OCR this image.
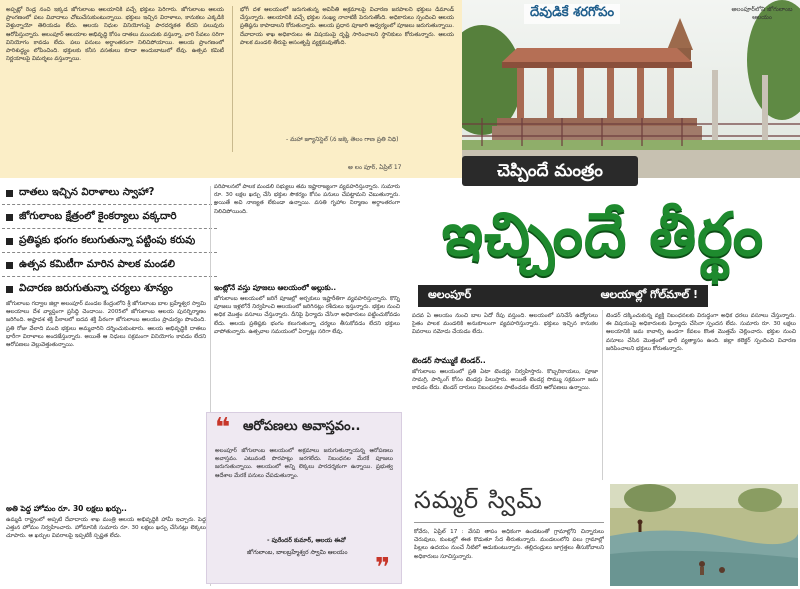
అప్పట్లో రెండ్ర నంచి ఇక్కడ జోగులాంబ ఆలయానికి వచ్చే భక్తులు పెరిగారు. జోగులాంబ ఆలయ ప్రాంగణంలో పలు వివాదాలు చోటుచేసుకుంటున్నాయి. భక్తులు ఇచ్చిన విరాళాలు, కానుకలు ఎక్కడికి వెళ్తున్నాయో తెలియడం లేదు. ఆలయ నిధుల వినియోగంపై పారదర్శకత లేదని పలువురు ఆరోపిస్తున్నారు. అలంపూర్ ఆలయాల అభివృద్ధి కోసం దాతలు ముందుకు వస్తున్నా, వారి సేవలు సరిగా వినియోగం కావడం లేదు. పలు పనులు అర్ధాంతరంగా నిలిచిపోయాయి. ఆలయ ప్రాంగణంలో పారిశుద్ధ్యం లోపించింది. భక్తులకు కనీస వసతులు కూడా అందుబాటులో లేవు. ఉత్సవ కమిటీ నిర్ణయాలపై విమర్శలు వస్తున్నాయి.
భోగీ దళ ఆలయంలో జరుగుతున్న అవినీతి అక్రమాలపై విచారణ జరపాలని భక్తులు డిమాండ్ చేస్తున్నారు. ఆలయానికి వచ్చే భక్తుల సంఖ్య నానాటికీ పెరుగుతోంది. అధికారులు స్పందించి ఆలయ ప్రతిష్ఠను కాపాడాలని కోరుతున్నారు. ఆలయ ప్రధాన పూజారి ఆధ్వర్యంలో పూజలు జరుగుతున్నాయి. దేవాదాయ శాఖ అధికారులు ఈ విషయంపై దృష్టి సారించాలని స్థానికులు కోరుతున్నారు. ఆలయ పాలక మండలి తీరుపై అసంతృప్తి వ్యక్తమవుతోంది.
- మహా జ్యూనిస్టెల్ (న జక్కె తెలం గాణ ప్రతి నిధి)
అ లం పూర్, ఏప్రిల్ 17
దేవుడికే శరగోపం	అలంపూర్‌లోని జోగులాంబ ఆలయం
చెప్పిందే మంత్రం
ఇచ్చిందే తీర్థం
అలంపూర్	ఆలయాల్లో గోల్‌మాల్ !
దాతలు ఇచ్చిన విరాళాలు స్వాహా?
జోగులాంబ క్షేత్రంలో కైంకర్యాలు వక్కదారి
ప్రతిష్ఠకు భంగం కలుగుతున్నా పట్టింపు కరువు
ఉత్సవ కమిటీగా మారిన పాలక మండలి
విచారణ జరుగుతున్నా చర్యలు శూన్యం
జోగులాంబ గద్వాల జిల్లా అలంపూర్ మండల కేంద్రంలోని శ్రీ జోగులాంబ బాల బ్రహ్మేశ్వర స్వామి ఆలయాలు దేశ వ్యాప్తంగా ప్రసిద్ధి చెందాయి. 2005లో జోగులాంబ ఆలయ పునర్నిర్మాణం జరిగింది. అష్టాదశ శక్తి పీఠాలలో ఐదవ శక్తి పీఠంగా జోగులాంబ ఆలయం ప్రాచుర్యం పొందింది. ప్రతి రోజు వేలాది మంది భక్తులు అమ్మవారిని దర్శించుకుంటారు. ఆలయ అభివృద్ధికి దాతలు భారీగా విరాళాలు అందజేస్తున్నారు. అయితే ఆ నిధులు సక్రమంగా వినియోగం కావడం లేదని ఆరోపణలు వెల్లువెత్తుతున్నాయి.
అతి పెద్ద హోమం రూ. 30 లక్షలు ఖర్చు..
ఉమ్మడి రాష్ట్రంలో అప్పటి దేవాదాయ శాఖ మంత్రి ఆలయ అభివృద్ధికి హామీ ఇచ్చారు. పెద్ద ఎత్తున హోమం నిర్వహించారు. హోమానికి సుమారు రూ. 30 లక్షలు ఖర్చు చేసినట్లు లెక్కలు చూపారు. ఆ ఖర్చుల వివరాలపై ఇప్పటికీ స్పష్టత లేదు.
పరిపాలనలో పాలక మండలి సభ్యులు తమ ఇష్టారాజ్యంగా వ్యవహరిస్తున్నారు. సుమారు రూ. 30 లక్షల ఖర్చు చేసి భక్తుల సౌకర్యం కోసం పనులు చేపట్టామని చెబుతున్నారు. అయితే అవి నాణ్యత లేకుండా ఉన్నాయి. వసతి గృహాల నిర్మాణం అర్ధాంతరంగా నిలిచిపోయింది.
ఇంట్లోనే వస్తు పూజలు ఆలయంలో అల్లుకు..
జోగులాంబ ఆలయంలో జరిగే పూజల్లో అర్చకులు ఇష్టారీతిగా వ్యవహరిస్తున్నారు. కొన్ని పూజలు ఇళ్లలోనే నిర్వహించి ఆలయంలో జరిగినట్లు రశీదులు ఇస్తున్నారు. భక్తుల నుంచి అధిక మొత్తం వసూలు చేస్తున్నారు. దీనిపై ఫిర్యాదు చేసినా అధికారులు పట్టించుకోవడం లేదు. ఆలయ ప్రతిష్ఠకు భంగం కలుగుతున్నా చర్యలు తీసుకోవడం లేదని భక్తులు వాపోతున్నారు. ఉత్సవాల సమయంలో ఏర్పాట్లు సరిగా లేవు.
❝ ఆరోపణలు అవాస్తవం..
అలంపూర్ జోగులాంబ ఆలయంలో అక్రమాలు జరుగుతున్నాయన్న ఆరోపణలు అవాస్తవం. ఎటువంటి పొరపాట్లు జరగలేదు. నిబంధనల మేరకే పూజలు జరుగుతున్నాయి. ఆలయంలో అన్ని లెక్కలు పారదర్శకంగా ఉన్నాయి. ప్రభుత్వ ఆదేశాల మేరకే పనులు చేపడుతున్నాం.
- పురేందర్ కుమార్, ఆలయ ఈవో
జోగులాంబ, బాలబ్రహ్మేశ్వర స్వామి ఆలయం
❞
పదవ ఏ ఆలయం నుంచి బాల ఏదో రేపు వస్తుంది. ఆలయంలో పనిచేసే ఉద్యోగులు సైతం పాలక మండలికి అనుకూలంగా వ్యవహరిస్తున్నారు. భక్తులు ఇచ్చిన కానుకల వివరాలు నమోదు చేయడం లేదు.
టెండర్ సొమ్ముకే టెండర్..
జోగులాంబ ఆలయంలో ప్రతి ఏటా టెండర్లు నిర్వహిస్తారు. కొబ్బరికాయలు, పూజా సామగ్రి, పార్కింగ్ కోసం టెండర్లు పిలుస్తారు. అయితే టెండర్ల సొమ్ము సక్రమంగా జమ కావడం లేదు. టెండర్ దారులు నిబంధనలు పాటించడం లేదని ఆరోపణలు ఉన్నాయి.
టెండర్ దక్కించుకున్న వ్యక్తి నిబంధనలకు విరుద్ధంగా అధిక ధరలు వసూలు చేస్తున్నారు. ఈ విషయంపై అధికారులకు ఫిర్యాదు చేసినా స్పందన లేదు. సుమారు రూ. 30 లక్షలు ఆలయానికి జమ కావాల్సి ఉండగా కేవలం కొంత మొత్తమే చెల్లించారు. భక్తుల నుంచి వసూలు చేసిన మొత్తంలో భారీ వ్యత్యాసం ఉంది. జిల్లా కలెక్టర్ స్పందించి విచారణ జరిపించాలని భక్తులు కోరుతున్నారు.
సమ్మర్ స్విమ్
కోవేరు, ఏప్రిల్ 17 : వేసవి తాపం అధికంగా ఉండటంతో గ్రామాల్లోని చిన్నారులు చెరువులు, కుంటల్లో ఈత కొడుతూ సేద తీరుతున్నారు. మండలంలోని పలు గ్రామాల్లో పిల్లలు ఉదయం నుంచే నీటిలో ఆడుకుంటున్నారు. తల్లిదండ్రులు జాగ్రత్తలు తీసుకోవాలని అధికారులు సూచిస్తున్నారు.
